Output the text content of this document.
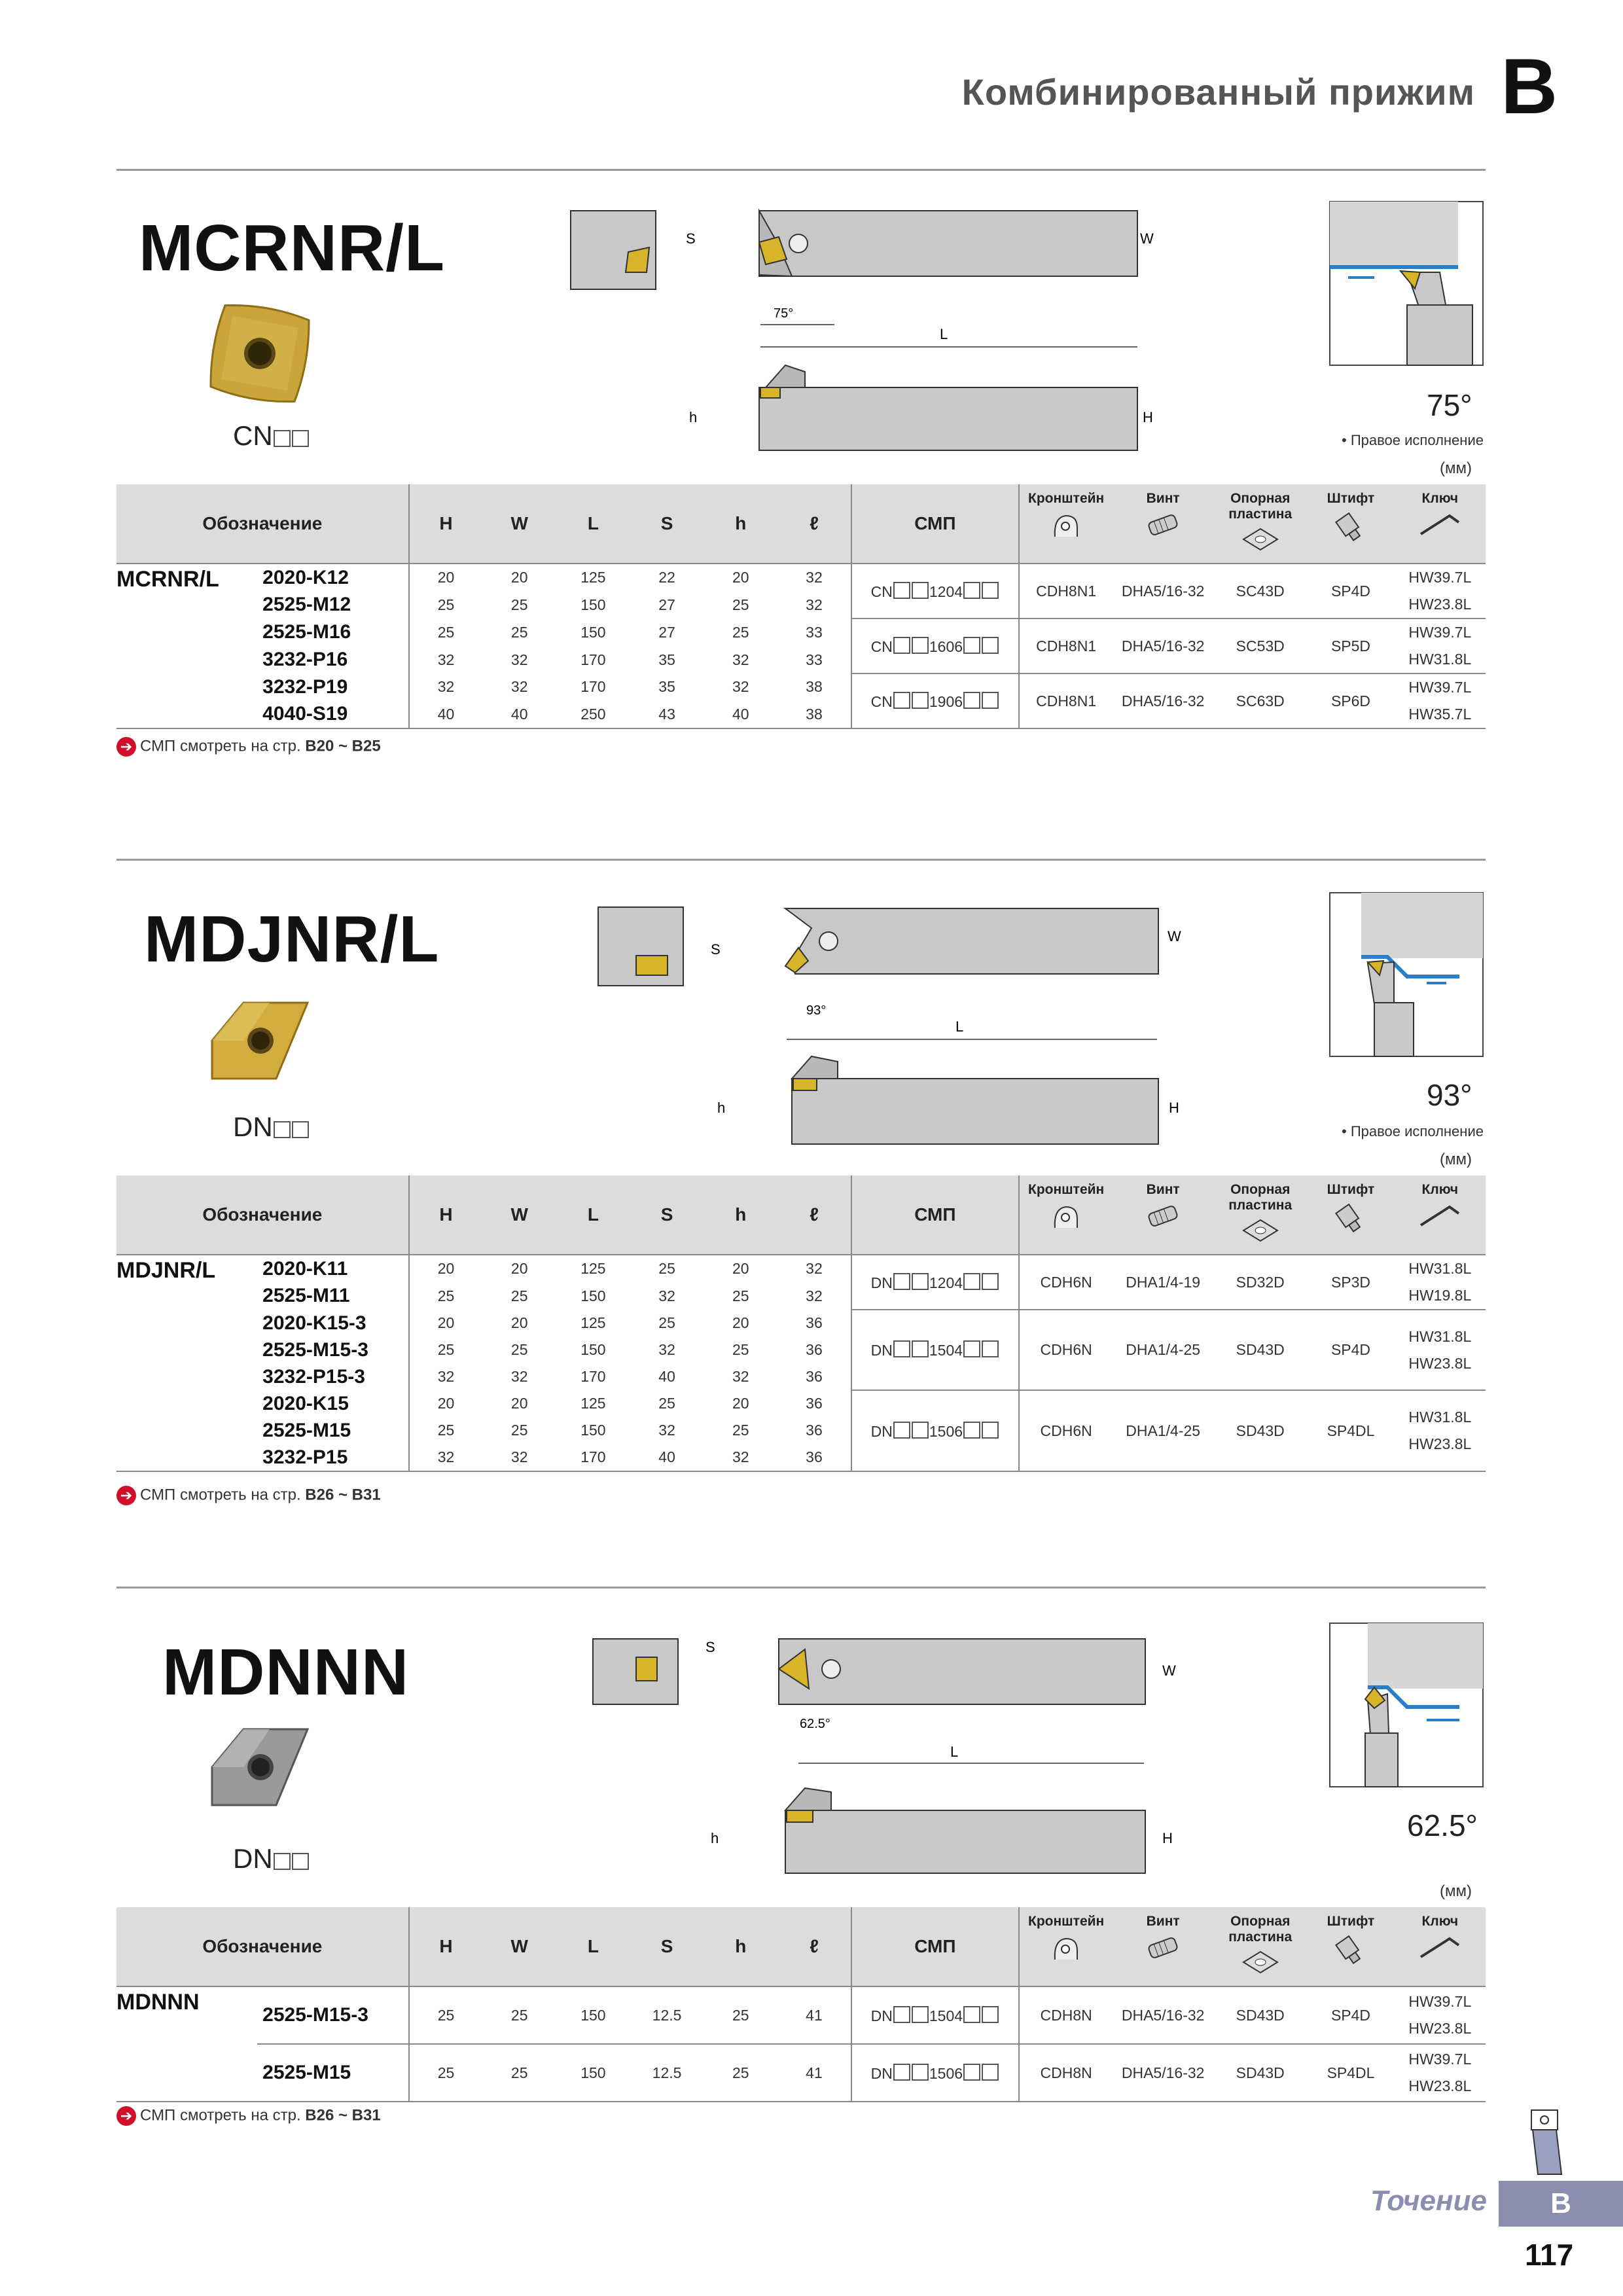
Комбинированный прижим B
MCRNR/L
CN
S	W
L
75°
h	H	75°
• Правое исполнение
(мм)
Обозначение		H	W	L	S	h	ℓ	СМП	Кронштейн	Винт	Опорная пластина	Штифт	Ключ

MCRNR/L	2020-K12	20	20	125	22	20	32	CN 1204	CDH8N1	DHA5/16-32	SC43D	SP4D	HW39.7L
HW23.8L

	2525-M12	25	25	150	27	25	32						
	2525-M16	25	25	150	27	25	33	CN 1606	CDH8N1	DHA5/16-32	SC53D	SP5D	HW39.7L
HW31.8L

	3232-P16	32	32	170	35	32	33						
	3232-P19	32	32	170	35	32	38	CN 1906	CDH8N1	DHA5/16-32	SC63D	SP6D	HW39.7L
HW35.7L

	4040-S19	40	40	250	43	40	38						
➔ СМП смотреть на стр. B20 ~ B25
MDJNR/L
DN
S
W
L
93°
h	H	93°
• Правое исполнение
(мм)
Обозначение		H	W	L	S	h	ℓ	СМП	Кронштейн	Винт	Опорная пластина	Штифт	Ключ

MDJNR/L	2020-K11	20	20	125	25	20	32	DN 1204	CDH6N	DHA1/4-19	SD32D	SP3D	HW31.8L
HW19.8L

	2525-M11	25	25	150	32	25	32						
	2020-K15-3	20	20	125	25	20	36	DN 1504	CDH6N	DHA1/4-25	SD43D	SP4D	HW31.8L
HW23.8L

	2525-M15-3	25	25	150	32	25	36						
	3232-P15-3	32	32	170	40	32	36						
	2020-K15	20	20	125	25	20	36	DN 1506	CDH6N	DHA1/4-25	SD43D	SP4DL	HW31.8L
HW23.8L

	2525-M15	25	25	150	32	25	36						
	3232-P15	32	32	170	40	32	36						
➔ СМП смотреть на стр. B26 ~ B31
MDNNN
DN
S
W
L
62.5°
h	H	62.5°
(мм)
Обозначение		H	W	L	S	h	ℓ	СМП	Кронштейн	Винт	Опорная пластина	Штифт	Ключ

MDNNN	2525-M15-3	25	25	150	12.5	25	41	DN 1504	CDH8N	DHA5/16-32	SD43D	SP4D	HW39.7L
HW23.8L

	2525-M15	25	25	150	12.5	25	41	DN 1506	CDH8N	DHA5/16-32	SD43D	SP4DL	HW39.7L
HW23.8L
➔ СМП смотреть на стр. B26 ~ B31
Точение	B
117
